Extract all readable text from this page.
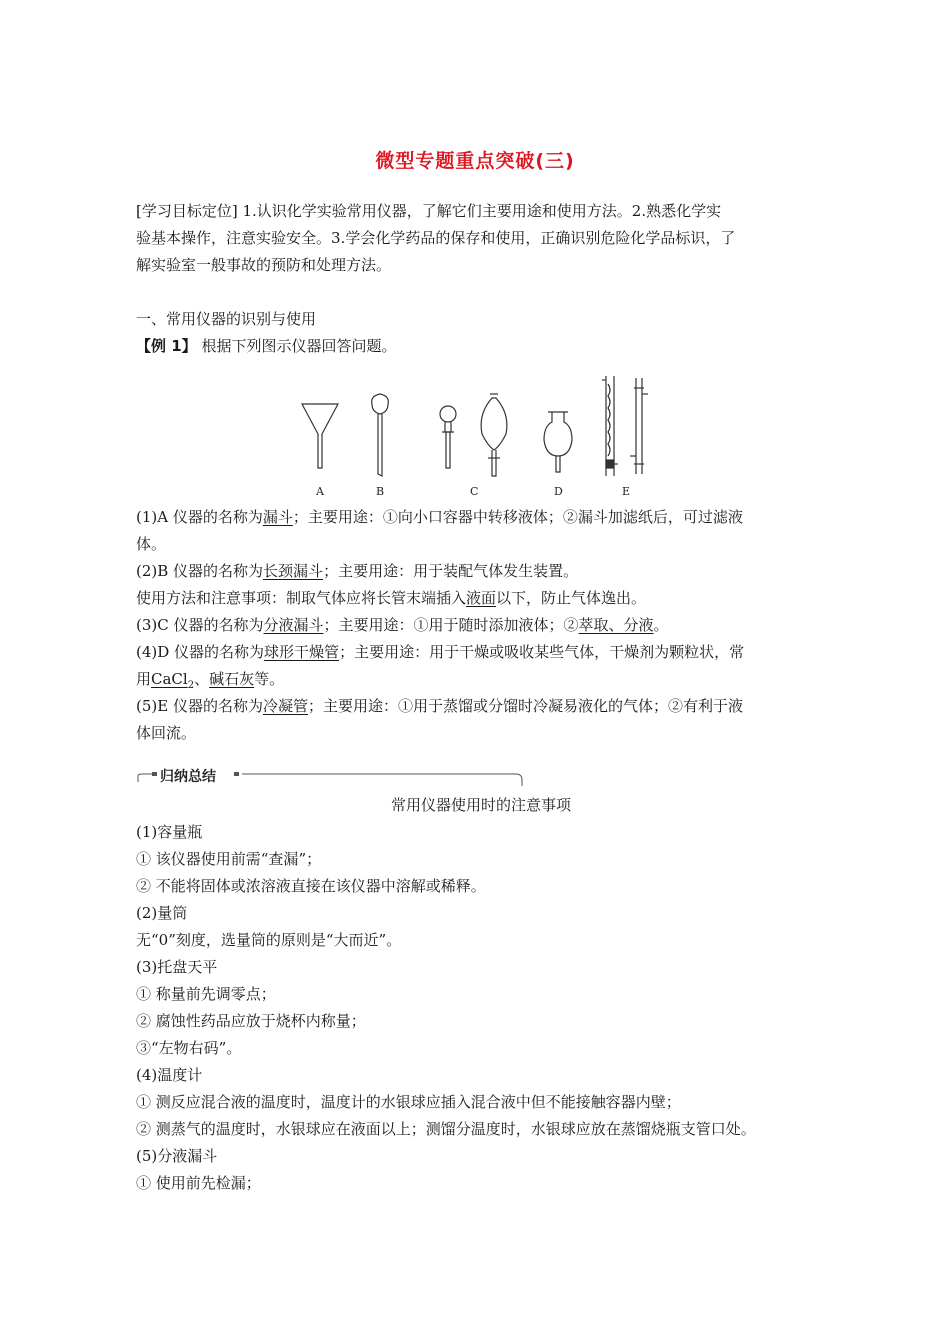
微型专题重点突破(三)
[学习目标定位] 1.认识化学实验常用仪器，了解它们主要用途和使用方法。2.熟悉化学实
验基本操作，注意实验安全。3.学会化学药品的保存和使用，正确识别危险化学品标识，了
解实验室一般事故的预防和处理方法。
一、常用仪器的识别与使用
【例 1】 根据下列图示仪器回答问题。
A	B	C	D	E
(1)A 仪器的名称为漏斗；主要用途：①向小口容器中转移液体；②漏斗加滤纸后，可过滤液
体。
(2)B 仪器的名称为长颈漏斗；主要用途：用于装配气体发生装置。
使用方法和注意事项：制取气体应将长管末端插入液面以下，防止气体逸出。
(3)C 仪器的名称为分液漏斗；主要用途：①用于随时添加液体；②萃取、分液。
(4)D 仪器的名称为球形干燥管；主要用途：用于干燥或吸收某些气体，干燥剂为颗粒状，常
用CaCl$_2$、碱石灰等。
(5)E 仪器的名称为冷凝管；主要用途：①用于蒸馏或分馏时冷凝易液化的气体；②有利于液
体回流。
归纳总结
常用仪器使用时的注意事项
(1)容量瓶
① 该仪器使用前需“查漏”；
② 不能将固体或浓溶液直接在该仪器中溶解或稀释。
(2)量筒
无“0”刻度，选量筒的原则是“大而近”。
(3)托盘天平
① 称量前先调零点；
② 腐蚀性药品应放于烧杯内称量；
③“左物右码”。
(4)温度计
① 测反应混合液的温度时，温度计的水银球应插入混合液中但不能接触容器内壁；
② 测蒸气的温度时，水银球应在液面以上；测馏分温度时，水银球应放在蒸馏烧瓶支管口处。
(5)分液漏斗
① 使用前先检漏；
